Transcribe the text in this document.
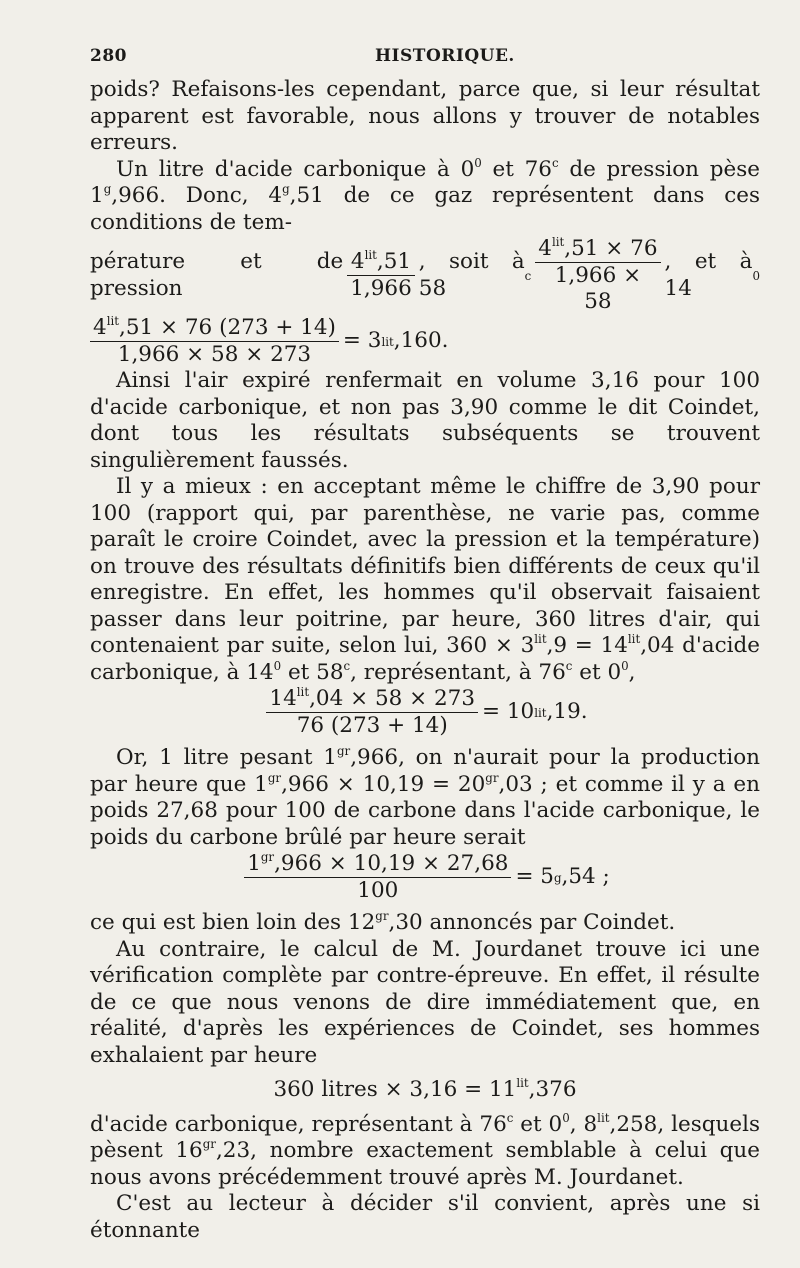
280	HISTORIQUE.

poids? Refaisons-les cependant, parce que, si leur résultat apparent est favorable, nous allons y trouver de notables erreurs.

Un litre d'acide carbonique à $0^0$ et 76$^c$ de pression pèse 1$^g$,966. Donc, 4$^g$,51 de ce gaz représentent dans ces conditions de tem-

pérature et de pression	$\frac{4^{lit},51}{1,966}$ , soit à 58	c $\frac{4^{lit},51 \times 76}{1,966 \times 58}$ , et à 14	0
$\frac{4^{lit},51 \times 76 (273 + 14)}{1,966 \times 58 \times 273} = 3$ lit ,160.

Ainsi l'air expiré renfermait en volume 3,16 pour 100 d'acide carbonique, et non pas 3,90 comme le dit Coindet, dont tous les résultats subséquents se trouvent singulièrement faussés.

Il y a mieux : en acceptant même le chiffre de 3,90 pour 100 (rapport qui, par parenthèse, ne varie pas, comme paraît le croire Coindet, avec la pression et la température) on trouve des résultats définitifs bien différents de ceux qu'il enregistre. En effet, les hommes qu'il observait faisaient passer dans leur poitrine, par heure, 360 litres d'air, qui contenaient par suite, selon lui, $360 \times 3^{lit},9 = 14^{lit},04$ d'acide carbonique, à $14^0$ et 58$^c$, représentant, à 76$^c$ et $0^0$,

$\frac{14^{lit},04 \times 58 \times 273}{76 (273 + 14)} = 10$ lit ,19.

Or, 1 litre pesant $1^{gr},966$, on n'aurait pour la production par heure que $1^{gr},966 \times 10,19 = 20^{gr},03$ ; et comme il y a en poids 27,68 pour 100 de carbone dans l'acide carbonique, le poids du carbone brûlé par heure serait

$\frac{1^{gr},966 \times 10,19 \times 27,68}{100} = 5$ g ,54 ;

ce qui est bien loin des $12^{gr},30$ annoncés par Coindet.

Au contraire, le calcul de M. Jourdanet trouve ici une vérification complète par contre-épreuve. En effet, il résulte de ce que nous venons de dire immédiatement que, en réalité, d'après les expériences de Coindet, ses hommes exhalaient par heure

360 litres × $3,16 = 11^{lit},376$

d'acide carbonique, représentant à 76$^c$ et $0^0$, $8^{lit},258$, lesquels pèsent $16^{gr},23$, nombre exactement semblable à celui que nous avons précédemment trouvé après M. Jourdanet.

C'est au lecteur à décider s'il convient, après une si étonnante
